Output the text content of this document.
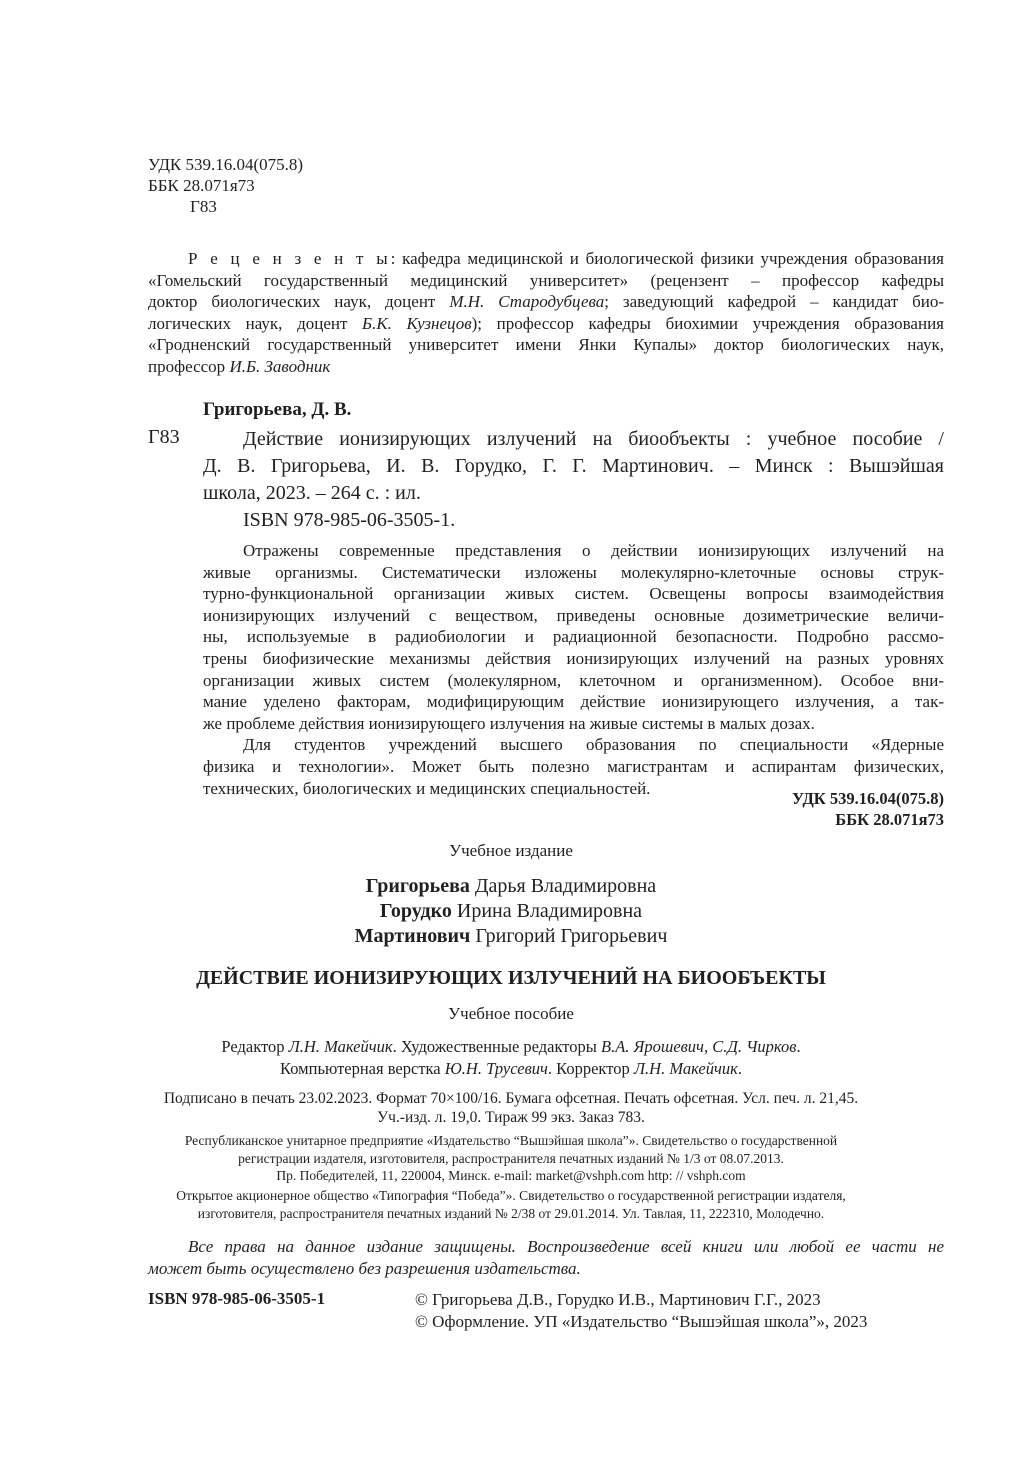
УДК 539.16.04(075.8)
ББК 28.071я73
Г83
Р е ц е н з е н т ы: кафедра медицинской и биологической физики учреждения образования
«Гомельский государственный медицинский университет» (рецензент – профессор кафедры
доктор биологических наук, доцент М.Н. Стародубцева; заведующий кафедрой – кандидат био-
логических наук, доцент Б.К. Кузнецов); профессор кафедры биохимии учреждения образования
«Гродненский государственный университет имени Янки Купалы» доктор биологических наук,
профессор И.Б. Заводник
Григорьева, Д. В.
Г83	Действие ионизирующих излучений на биообъекты : учебное пособие /
Д. В. Григорьева, И. В. Горудко, Г. Г. Мартинович. – Минск : Вышэйшая
школа, 2023. – 264 с. : ил.
ISBN 978-985-06-3505-1.
Отражены современные представления о действии ионизирующих излучений на
живые организмы. Систематически изложены молекулярно-клеточные основы струк-
турно-функциональной организации живых систем. Освещены вопросы взаимодействия
ионизирующих излучений с веществом, приведены основные дозиметрические величи-
ны, используемые в радиобиологии и радиационной безопасности. Подробно рассмо-
трены биофизические механизмы действия ионизирующих излучений на разных уровнях
организации живых систем (молекулярном, клеточном и организменном). Особое вни-
мание уделено факторам, модифицирующим действие ионизирующего излучения, а так-
же проблеме действия ионизирующего излучения на живые системы в малых дозах.
Для студентов учреждений высшего образования по специальности «Ядерные
физика и технологии». Может быть полезно магистрантам и аспирантам физических,
технических, биологических и медицинских специальностей.
УДК 539.16.04(075.8)
ББК 28.071я73
Учебное издание
Григорьева Дарья Владимировна
Горудко Ирина Владимировна
Мартинович Григорий Григорьевич
ДЕЙСТВИЕ ИОНИЗИРУЮЩИХ ИЗЛУЧЕНИЙ НА БИООБЪЕКТЫ
Учебное пособие
Редактор Л.Н. Макейчик. Художественные редакторы В.А. Ярошевич, С.Д. Чирков.
Компьютерная верстка Ю.Н. Трусевич. Корректор Л.Н. Макейчик.
Подписано в печать 23.02.2023. Формат 70×100/16. Бумага офсетная. Печать офсетная. Усл. печ. л. 21,45.
Уч.-изд. л. 19,0. Тираж 99 экз. Заказ 783.
Республиканское унитарное предприятие «Издательство “Вышэйшая школа”». Свидетельство о государственной
регистрации издателя, изготовителя, распространителя печатных изданий № 1/3 от 08.07.2013.
Пр. Победителей, 11, 220004, Минск. e-mail: market@vshph.com http: // vshph.com
Открытое акционерное общество «Типография “Победа”». Свидетельство о государственной регистрации издателя,
изготовителя, распространителя печатных изданий № 2/38 от 29.01.2014. Ул. Тавлая, 11, 222310, Молодечно.
Все права на данное издание защищены. Воспроизведение всей книги или любой ее части не
может быть осуществлено без разрешения издательства.
ISBN 978-985-06-3505-1	© Григорьева Д.В., Горудко И.В., Мартинович Г.Г., 2023
© Оформление. УП «Издательство “Вышэйшая школа”», 2023
